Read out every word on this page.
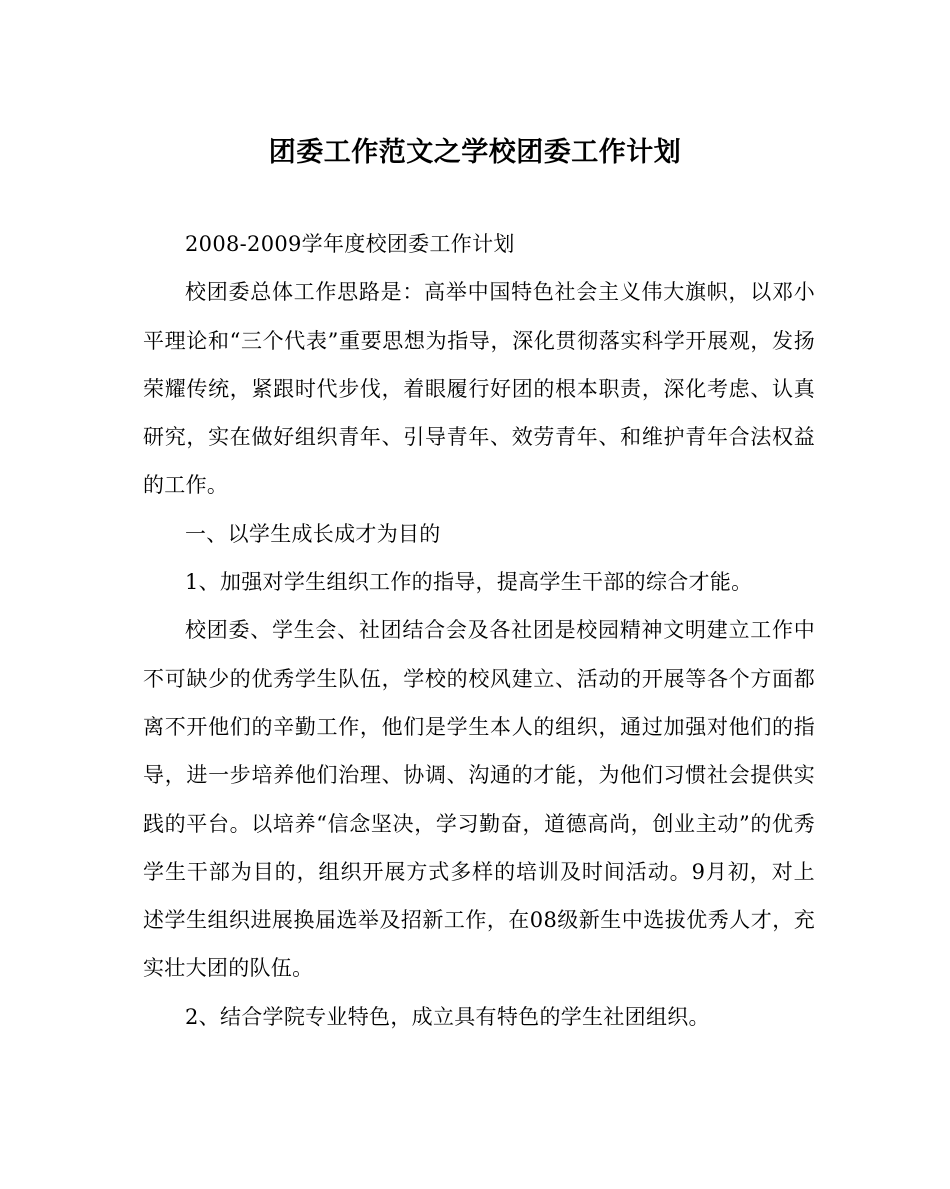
团委工作范文之学校团委工作计划

2008-2009学年度校团委工作计划

校团委总体工作思路是：高举中国特色社会主义伟大旗帜，以邓小平理论和“三个代表”重要思想为指导，深化贯彻落实科学开展观，发扬荣耀传统，紧跟时代步伐，着眼履行好团的根本职责，深化考虑、认真研究，实在做好组织青年、引导青年、效劳青年、和维护青年合法权益的工作。

一、以学生成长成才为目的

1、加强对学生组织工作的指导，提高学生干部的综合才能。

校团委、学生会、社团结合会及各社团是校园精神文明建立工作中不可缺少的优秀学生队伍，学校的校风建立、活动的开展等各个方面都离不开他们的辛勤工作，他们是学生本人的组织，通过加强对他们的指导，进一步培养他们治理、协调、沟通的才能，为他们习惯社会提供实践的平台。以培养“信念坚决，学习勤奋，道德高尚，创业主动”的优秀学生干部为目的，组织开展方式多样的培训及时间活动。9月初，对上述学生组织进展换届选举及招新工作，在08级新生中选拔优秀人才，充实壮大团的队伍。

2、结合学院专业特色，成立具有特色的学生社团组织。
